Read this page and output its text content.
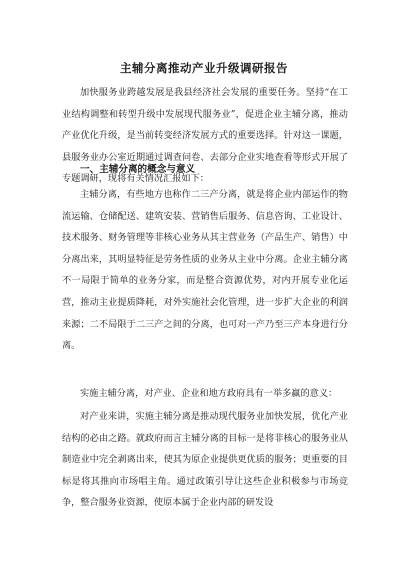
主辅分离推动产业升级调研报告

加快服务业跨越发展是我县经济社会发展的重要任务。坚持“在工业结构调整和转型升级中发展现代服务业”，促进企业主辅分离，推动产业优化升级，是当前转变经济发展方式的重要选择。针对这一课题，县服务业办公室近期通过调查问卷、去部分企业实地查看等形式开展了专题调研，现将有关情况汇报如下：

一、主辅分离的概念与意义

主辅分离，有些地方也称作二三产分离，就是将企业内部运作的物流运输、仓储配送、建筑安装、营销售后服务、信息咨询、工业设计、技术服务、财务管理等非核心业务从其主营业务（产品生产、销售）中分离出来，其明显特征是劳务性质的业务从主业中分离。企业主辅分离不一局限于简单的业务分家，而是整合资源优势，对内开展专业化运营，推动主业提质降耗，对外实施社会化管理，进一步扩大企业的利润来源；二不局限于二三产之间的分离，也可对一产乃至三产本身进行分离。

实施主辅分离，对产业、企业和地方政府具有一举多赢的意义：

对产业来讲，实施主辅分离是推动现代服务业加快发展，优化产业结构的必由之路。就政府而言主辅分离的目标一是将非核心的服务业从制造业中完全剥离出来，使其为原企业提供更优质的服务；更重要的目标是将其推向市场唱主角。通过政策引导让这些企业积极参与市场竞争，整合服务业资源，使原本属于企业内部的研发设
